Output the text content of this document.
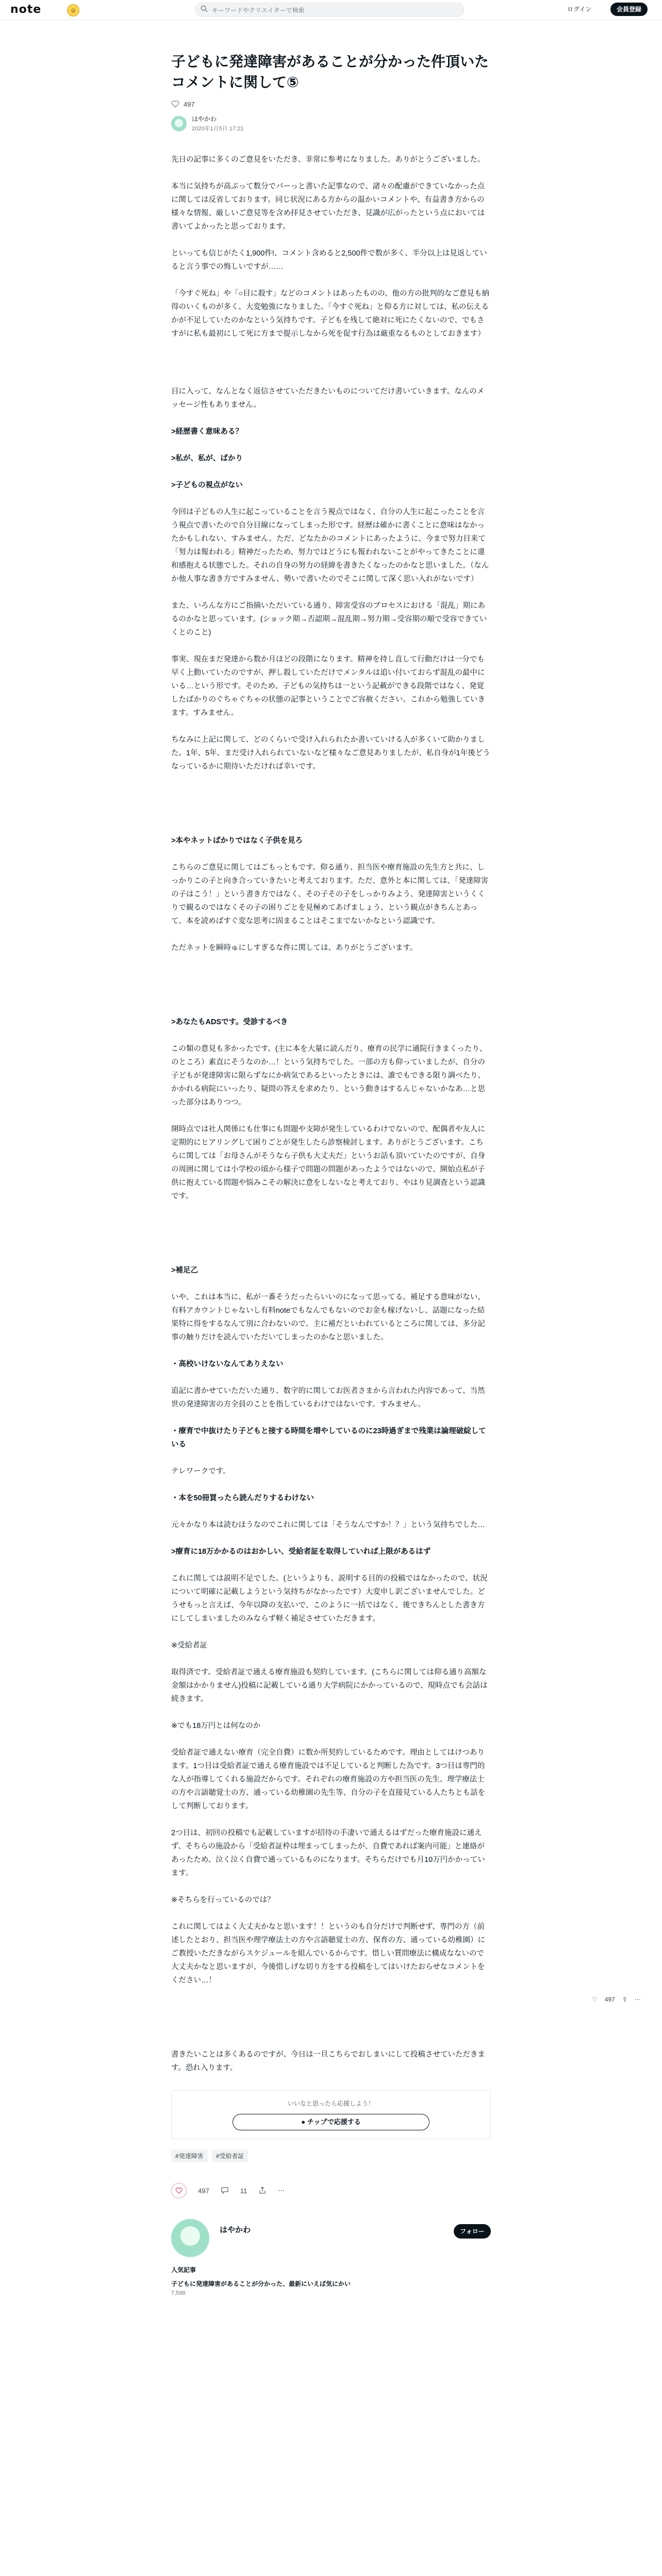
note	☺
キーワードやクリエイターで検索	ログイン	会員登録
子どもに発達障害があることが分かった件頂いたコメントに関して⑤
497
はやかわ
2020年1月5日 17:21

先日の記事に多くのご意見をいただき、非常に参考になりました。ありがとうございました。

本当に気持ちが高ぶって数分でパーっと書いた記事なので、諸々の配慮ができていなかった点に関しては反省しております。同じ状況にある方からの温かいコメントや、有益書き方からの様々な情報、厳しいご意見等を含め拝見させていただき、見識が広がったという点においては書いてよかったと思っております。

といっても信じがたく1,900件!、コメント含めると2,500件で数が多く、半分以上は見返していると言う事での悔しいですが……

「今すぐ死ね」や「○目に殺す」などのコメントはあったものの、他の方の批判的なご意見も納得のいくものが多く、大変勉強になりました。「今すぐ死ね」と仰る方に対しては、私の伝えるかが不足していたのかなという気持ちです。子どもを残して絶対に死にたくないので、でもさすがに私も最初にして死に方まで提示しなから死を促す行為は厳重なるものとしておきます）

目に入って、なんとなく返信させていただきたいものについてだけ書いていきます。なんのメッセージ性もありません。

>経歴書く意味ある？

>私が、私が、ばかり

>子どもの視点がない

今回は子どもの人生に起こっていることを言う視点ではなく、自分の人生に起こったことを言う視点で書いたので自分目線になってしまった形です。経歴は確かに書くことに意味はなかったかもしれない、すみません。ただ、どなたかのコメントにあったように、今まで努力目来て「努力は報われる」精神だったため、努力ではどうにも報われないことがやってきたことに違和感抱える状態でした。それの自身の努力の経緯を書きたくなったのかなと思いました。（なんか他人事な書き方ですみません、勢いで書いたのでそこに関して深く思い入れがないです）

また、いろんな方にご指摘いただいている通り、障害受容のプロセスにおける「混乱」期にあるのかなと思っています。(ショック期→否認期→混乱期→努力期→受容期の順で受容できていくとのこと)

事実、現在まだ発達から数か月ほどの段階になります。精神を持し直して行動だけは一分でも早く上動いていたのですが、押し殺していただけでメンタルは追い付いておらず混乱の最中にいる…という形です。そのため、子どもの気持ちは一という記載ができる段階ではなく、発覚したばかりのぐちゃぐちゃの状態の記事ということでご容赦ください。これから勉強していきます。すみません。

ちなみに上記に関して、どのくらいで受け入れられたか書いていける人が多くいて助かりました。1年、5年、まだ受け入れられていないなど様々なご意見ありましたが、私自身が1年後どうなっているかに期待いただければ幸いです。

>本やネットばかりではなく子供を見ろ

こちらのご意見に関してはごもっともです。仰る通り、担当医や療育施設の先生方と共に、しっかりこの子と向き合っていきたいと考えております。ただ、意外と本に関しては、「発達障害の子はこう！」という書き方ではなく、その子その子をしっかりみよう、発達障害というくくりで観るのではなくその子の困りごとを見極めてあげましょう、という観点がきちんとあって、本を読めばすぐ変な思考に固まることはそこまでないかなという認識です。

ただネットを瞬時ゅにしすぎるな件に関しては、ありがとうございます。

>あなたもADSです。受診するべき

この類の意見も多かったです。(主に本を大量に読んだり、療育の民学に通院行きまくったり、のところ）素直にそうなのか…！という気持ちでした。一部の方も仰っていましたが、自分の子どもが発達障害に限らずなにか病気であるといったときには、誰でもできる限り調べたり、かかれる病院にいったり、疑問の答えを求めたり、という動きはするんじゃないかなあ…と思った部分はありつつ。

開時点では社人関係にも仕事にも問題や支障が発生しているわけでないので、配偶者や友人に定期的にヒアリングして困りごとが発生したら診察検討します。ありがとうございます。こちらに関しては「お母さんがそうなら子供も大丈夫だ」というお話も頂いていたのですが、自身の周囲に関しては小学校の頃から様子で問題の問題があったようではないので、開始点私が子供に抱えている問題や悩みこその解決に意をしないなと考えており、やはり見調査という認識です。

>補足乙

いや、これは本当に、私が一番そうだったらいいのになって思ってる。補足する意味がない、有料アカウントじゃないし有料noteでもなんでもないのでお金も稼げないし、話題になった結果特に得をするなんて別に合わないので。主に補だといわれているところに関しては、多分記事の触りだけを読んでいただいてしまったのかなと思いました。

・高校いけないなんてありえない

追記に書かせていただいた通り、数字的に関してお医者さまから言われた内容であって、当然世の発達障害の方全員のことを指しているわけではないです。すみません。

・療育で中抜けたり子どもと接する時間を増やしているのに23時過ぎまで残業は論理破綻している

テレワークです。

・本を50冊買ったら読んだりするわけない

元々かなり本は読むほうなのでこれに関しては「そうなんですか！？」という気持ちでした…

>療育に18万かかるのはおかしい、受給者証を取得していれば上限があるはず

これに関しては説明不足でした。(というよりも、説明する目的の投稿ではなかったので、状況について明確に記載しようという気持ちがなかったです）大変申し訳ございませんでした。どうせもっと言えば、今年以降の支払いで、このように一括ではなく、後できちんとした書き方にしてしまいましたのみならず軽く補足させていただきます。

※受給者証

取得済です。受給者証で通える療育施設も契約しています。(こちらに関しては仰る通り高額な金額はかかりません)投稿に記載している通り大学病院にかかっているので、現時点でも会話は続きます。

※でも18万円とは何なのか

受給者証で通えない療育（完全自費）に数か所契約しているためです。理由としてはけつあります。1つ目は受給者証で通える療育施設では不足していると判断した為です。3つ目は専門的な人が指導してくれる施設だからです。それぞれの療育施設の方や担当医の先生、理学療法士の方や言語聴覚士の方、通っている幼稚園の先生等、自分の子を直接見ている人たちとも話をして判断しております。

2つ目は、初回の投稿でも記載していますが招待の手凄いで通えるはずだった療育施設に通えず、そちらの施設から「受給者証枠は埋まってしまったが、自費であれば案内可能」と連絡があったため、泣く泣く自費で通っているものになります。そちらだけでも月10万円かかっています。

※そちらを行っているのでは？

これに関してはよく大丈夫かなと思います！！というのも自分だけで判断せず、専門の方（前述したとおり、担当医や理学療法士の方や言語聴覚士の方、保育の方、通っている幼稚園）にご教授いただきながらスケジュールを組んでいるからです。惜しい質問療法に構成なないので大丈夫かなと思いますが、今後惜しげな切り方をする投稿をしてはいけたおらせなコメントをください…！

書きたいことは多くあるのですが、今日は一旦こちらでおしまいにして投稿させていただきます。恐れ入ります。

いいなと思ったら応援しよう！
● チップで応援する
#発達障害	#受給者証
497	11	⋯
はやかわ	フォロー
人気記事
子どもに発達障害があることが分かった、最新にいえば気にかい
7,598
♡ 497 ⇪ ⋯
